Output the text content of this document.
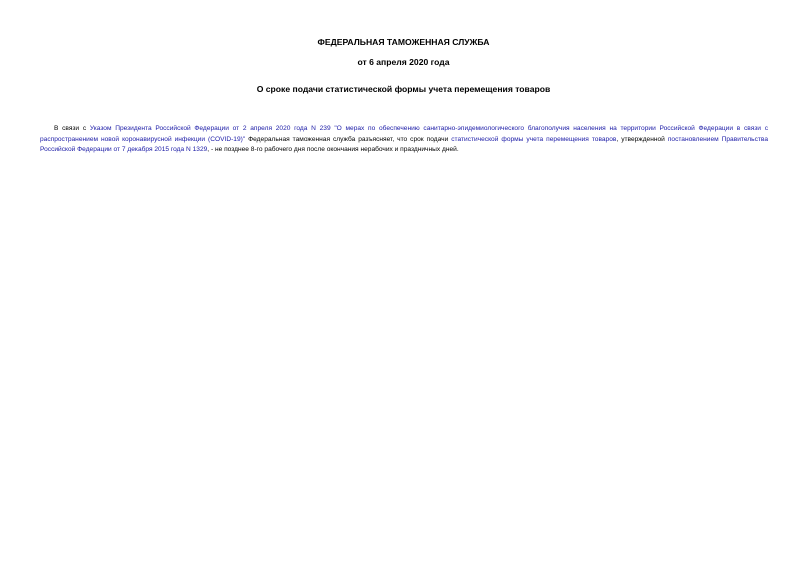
ФЕДЕРАЛЬНАЯ ТАМОЖЕННАЯ СЛУЖБА
от 6 апреля 2020 года
О сроке подачи статистической формы учета перемещения товаров

В связи с Указом Президента Российской Федерации от 2 апреля 2020 года N 239 "О мерах по обеспечению санитарно-эпидемиологического благополучия населения на территории Российской Федерации в связи с распространением новой коронавирусной инфекции (COVID-19)" Федеральная таможенная служба разъясняет, что срок подачи статистической формы учета перемещения товаров, утвержденной постановлением Правительства Российской Федерации от 7 декабря 2015 года N 1329, - не позднее 8-го рабочего дня после окончания нерабочих и праздничных дней.
